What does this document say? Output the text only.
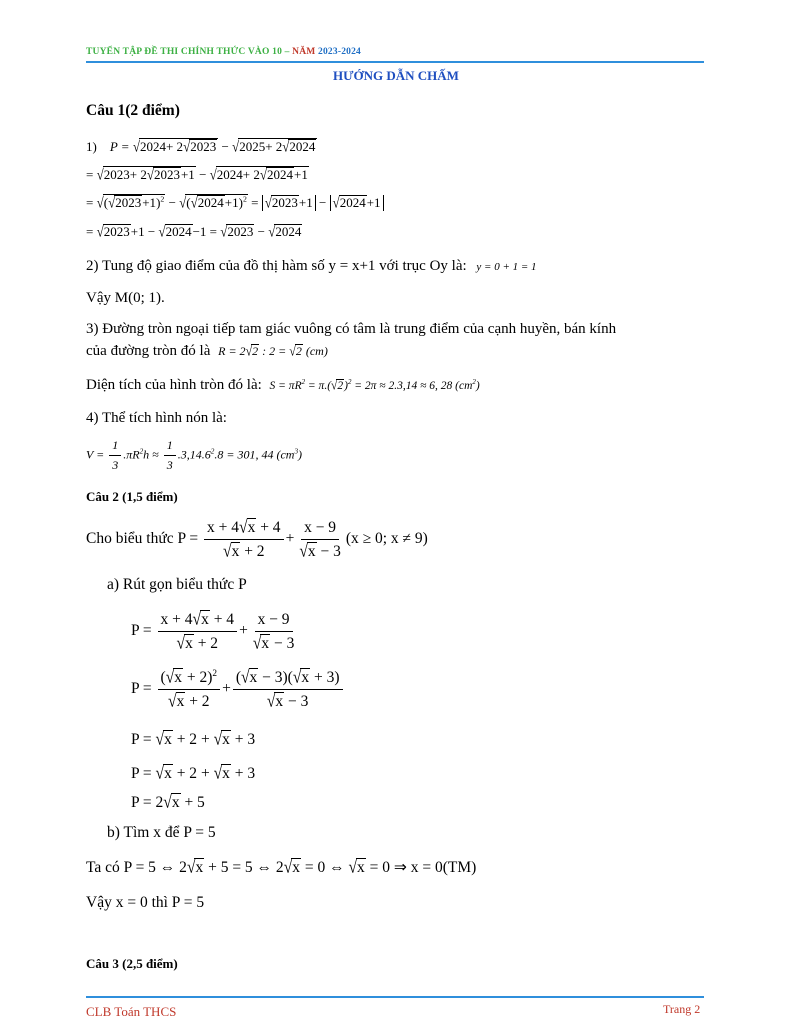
TUYỂN TẬP ĐỀ THI CHÍNH THỨC VÀO 10 – NĂM 2023-2024
HƯỚNG DẪN CHẤM
Câu 1(2 điểm)
1) P = √2024+ 2√2023 − √2025+ 2√2024
= √2023+ 2√2023+1 − √2024+ 2√2024+1
= $√(√2023+1)^2 - √(√2024+1)^2 = √2023+1 - √2024+1$
= √2023+1 − √2024−1 = √2023 − √2024
2) Tung độ giao điểm của đồ thị hàm số y = x+1 với trục Oy là: y = 0 + 1 = 1
Vậy M(0; 1).
3) Đường tròn ngoại tiếp tam giác vuông có tâm là trung điểm của cạnh huyền, bán kính
của đường tròn đó là R = 2√2 : 2 = √2 (cm)
Diện tích của hình tròn đó là: $S = \pi R^2 = \pi.(√2)^2 = 2\pi \approx 2.3,14 \approx 6$, 28 $(cm^2)$
4) Thể tích hình nón là:
$V = \frac{1}{3} .\pi R^2h \approx \frac{1}{3} .3,14.6^2.8 = 301$, 44 $(cm^3)$
Câu 2 (1,5 điểm)
Cho biểu thức $P = \frac{x + 4√x + 4}{√x + 2} + \frac{x - 9}{√x - 3} (x \ge 0$; x ≠ 9)
a) Rút gọn biểu thức P
$P = \frac{x + 4√x + 4}{√x + 2} + \frac{x - 9}{√x - 3}$
$P = \frac{(√x + 2)^2}{√x + 2} + \frac{(√x - 3)(√x + 3)}{√x - 3}$
P = √x + 2 + √x + 3
P = √x + 2 + √x + 3
P = 2√x + 5
b) Tìm x để P = 5
Ta có P = 5 ⇔ 2√x + 5 = 5 ⇔ 2√x = 0 ⇔ √x = 0 ⇒ x = 0(TM)
Vậy x = 0 thì P = 5
Câu 3 (2,5 điểm)
CLB Toán THCS	Trang 2
